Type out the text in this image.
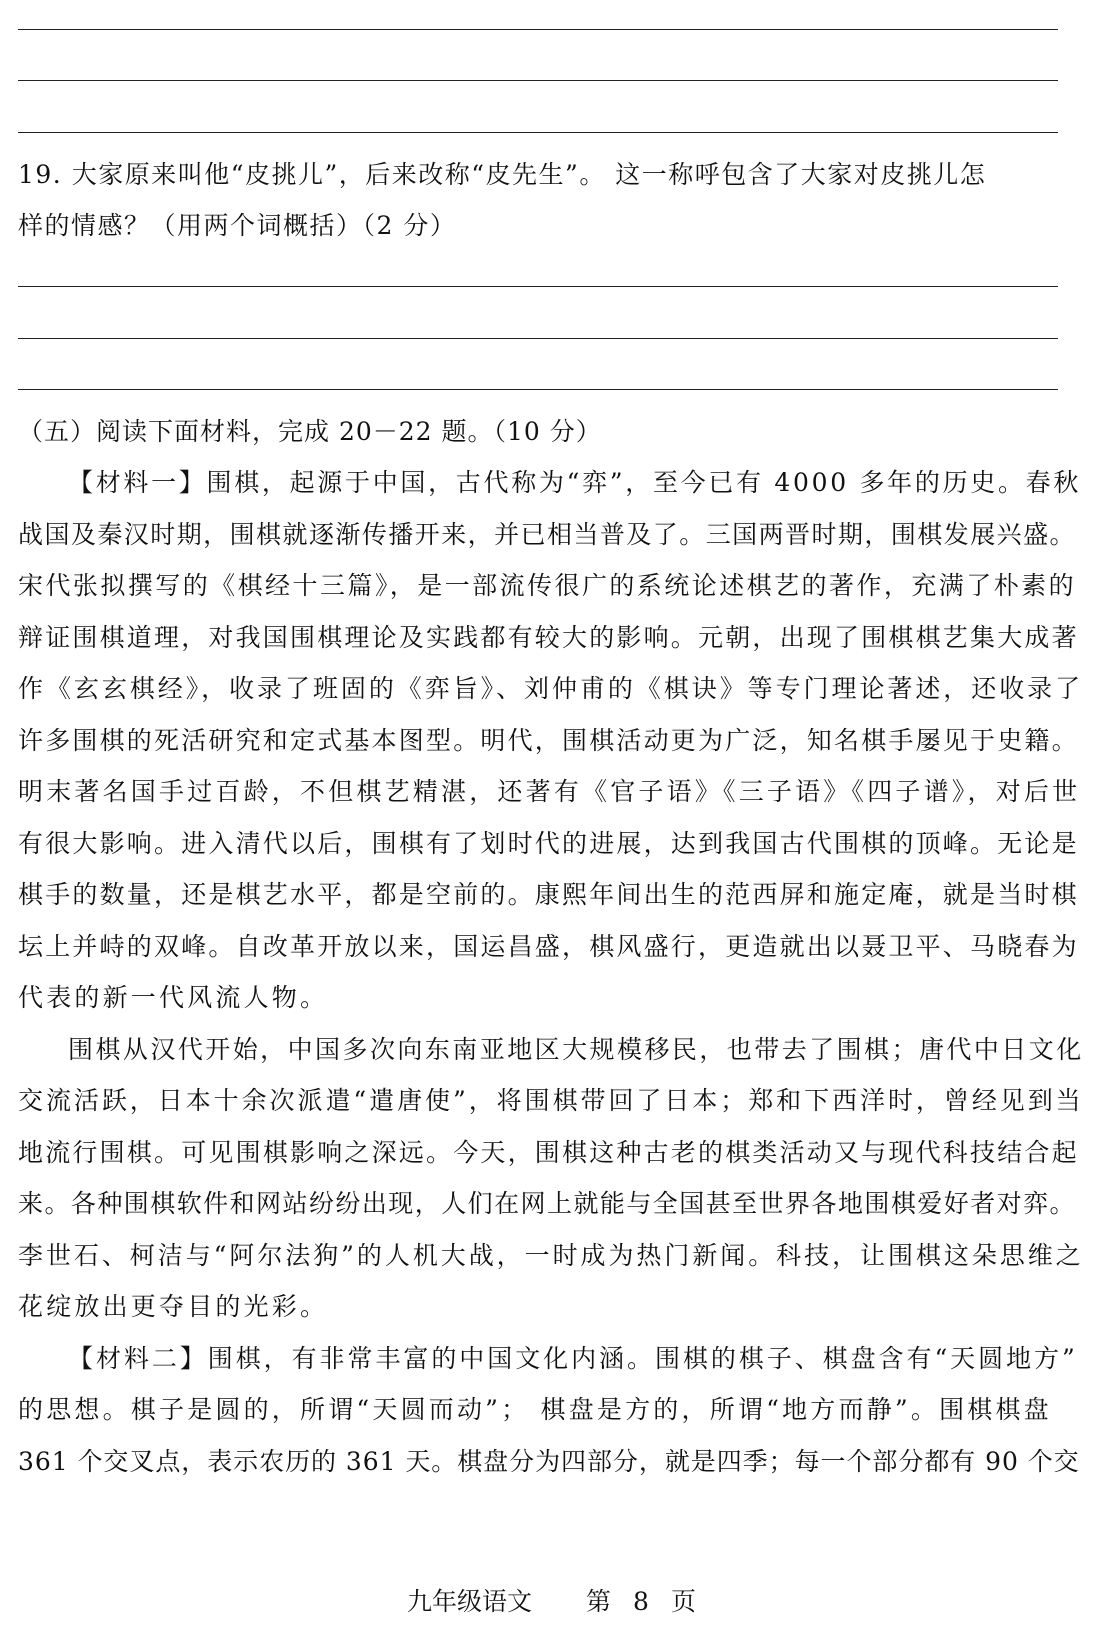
19. 大家原来叫他“皮挑儿”，后来改称“皮先生”。 这一称呼包含了大家对皮挑儿怎
样的情感？（用两个词概括）（2 分）
（五）阅读下面材料，完成 20－22 题。（10 分）
【材料一】围棋，起源于中国，古代称为“弈”，至今已有 4000 多年的历史。春秋
战国及秦汉时期，围棋就逐渐传播开来，并已相当普及了。三国两晋时期，围棋发展兴盛。
宋代张拟撰写的《棋经十三篇》，是一部流传很广的系统论述棋艺的著作，充满了朴素的
辩证围棋道理，对我国围棋理论及实践都有较大的影响。元朝，出现了围棋棋艺集大成著
作《玄玄棋经》，收录了班固的《弈旨》、刘仲甫的《棋诀》等专门理论著述，还收录了
许多围棋的死活研究和定式基本图型。明代，围棋活动更为广泛，知名棋手屡见于史籍。
明末著名国手过百龄，不但棋艺精湛，还著有《官子语》《三子语》《四子谱》，对后世
有很大影响。进入清代以后，围棋有了划时代的进展，达到我国古代围棋的顶峰。无论是
棋手的数量，还是棋艺水平，都是空前的。康熙年间出生的范西屏和施定庵，就是当时棋
坛上并峙的双峰。自改革开放以来，国运昌盛，棋风盛行，更造就出以聂卫平、马晓春为
代表的新一代风流人物。
围棋从汉代开始，中国多次向东南亚地区大规模移民，也带去了围棋；唐代中日文化
交流活跃，日本十余次派遣“遣唐使”，将围棋带回了日本；郑和下西洋时，曾经见到当
地流行围棋。可见围棋影响之深远。今天，围棋这种古老的棋类活动又与现代科技结合起
来。各种围棋软件和网站纷纷出现，人们在网上就能与全国甚至世界各地围棋爱好者对弈。
李世石、柯洁与“阿尔法狗”的人机大战，一时成为热门新闻。科技，让围棋这朵思维之
花绽放出更夺目的光彩。
【材料二】围棋，有非常丰富的中国文化内涵。围棋的棋子、棋盘含有“天圆地方”
的思想。棋子是圆的，所谓“天圆而动”； 棋盘是方的，所谓“地方而静”。围棋棋盘
361 个交叉点，表示农历的 361 天。棋盘分为四部分，就是四季；每一个部分都有 90 个交
九年级语文 第 8 页
